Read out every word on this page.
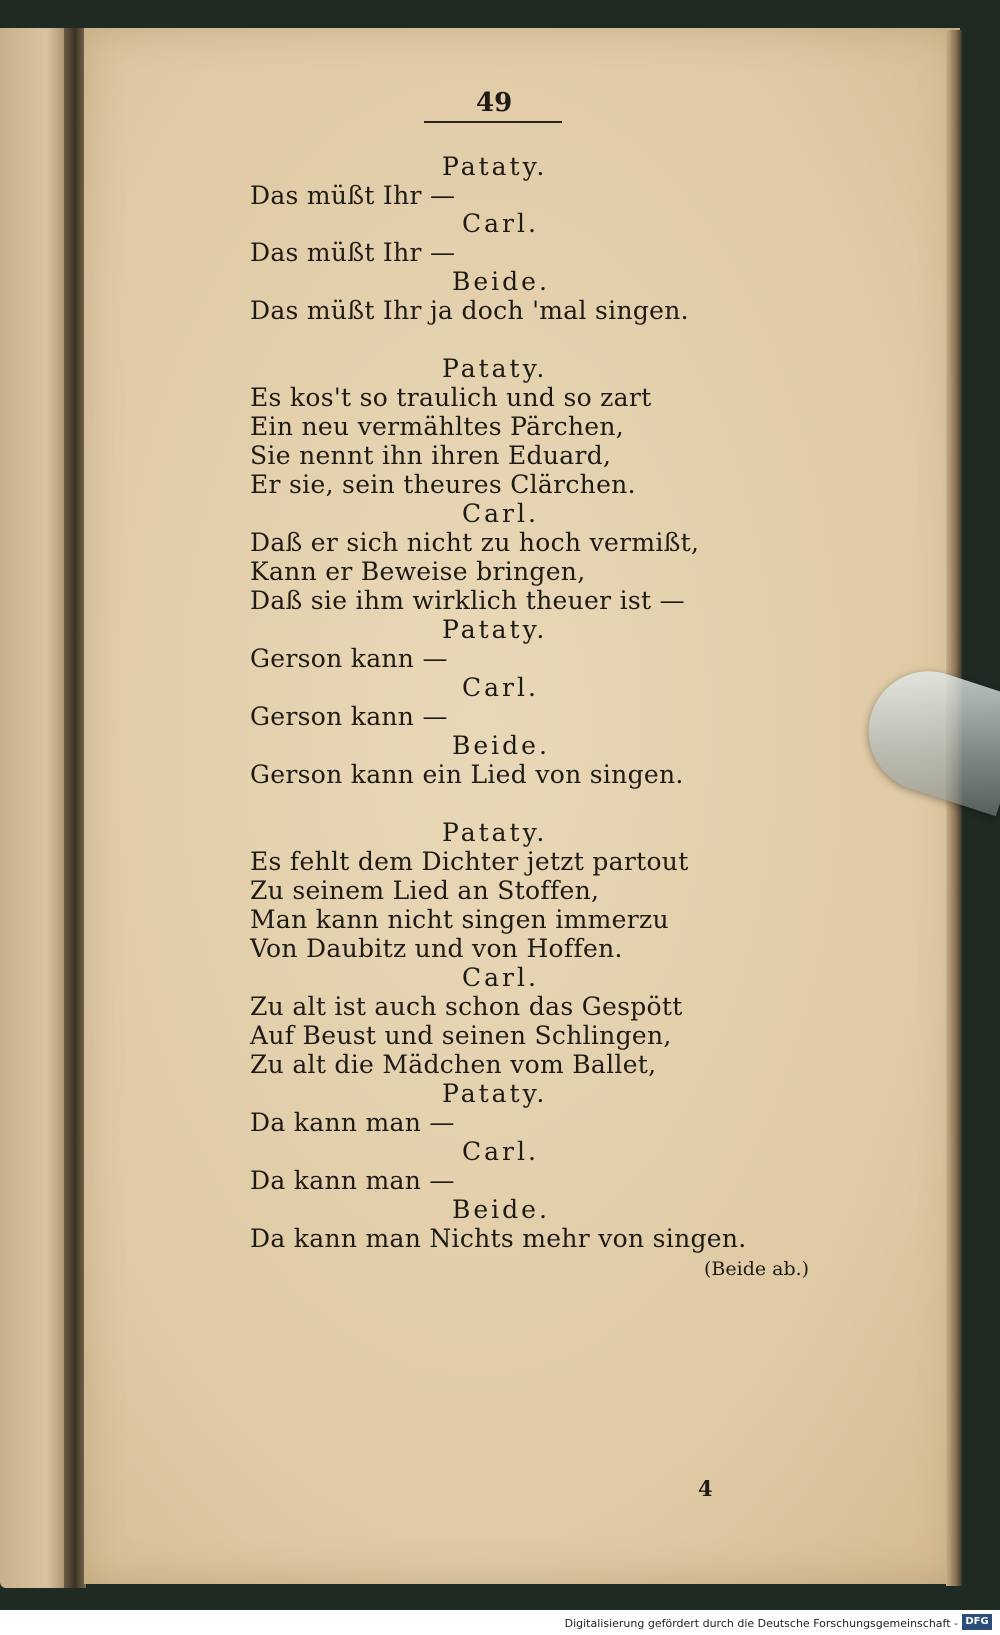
49
Pataty.
Das müßt Ihr —
Carl.
Das müßt Ihr —
Beide.
Das müßt Ihr ja doch 'mal singen.
Pataty.
Es kos't so traulich und so zart
Ein neu vermähltes Pärchen,
Sie nennt ihn ihren Eduard,
Er sie, sein theures Clärchen.
Carl.
Daß er sich nicht zu hoch vermißt,
Kann er Beweise bringen,
Daß sie ihm wirklich theuer ist —
Pataty.
Gerson kann —
Carl.
Gerson kann —
Beide.
Gerson kann ein Lied von singen.
Pataty.
Es fehlt dem Dichter jetzt partout
Zu seinem Lied an Stoffen,
Man kann nicht singen immerzu
Von Daubitz und von Hoffen.
Carl.
Zu alt ist auch schon das Gespött
Auf Beust und seinen Schlingen,
Zu alt die Mädchen vom Ballet,
Pataty.
Da kann man —
Carl.
Da kann man —
Beide.
Da kann man Nichts mehr von singen.
(Beide ab.)
4
Digitalisierung gefördert durch die Deutsche Forschungsgemeinschaft - DFG
